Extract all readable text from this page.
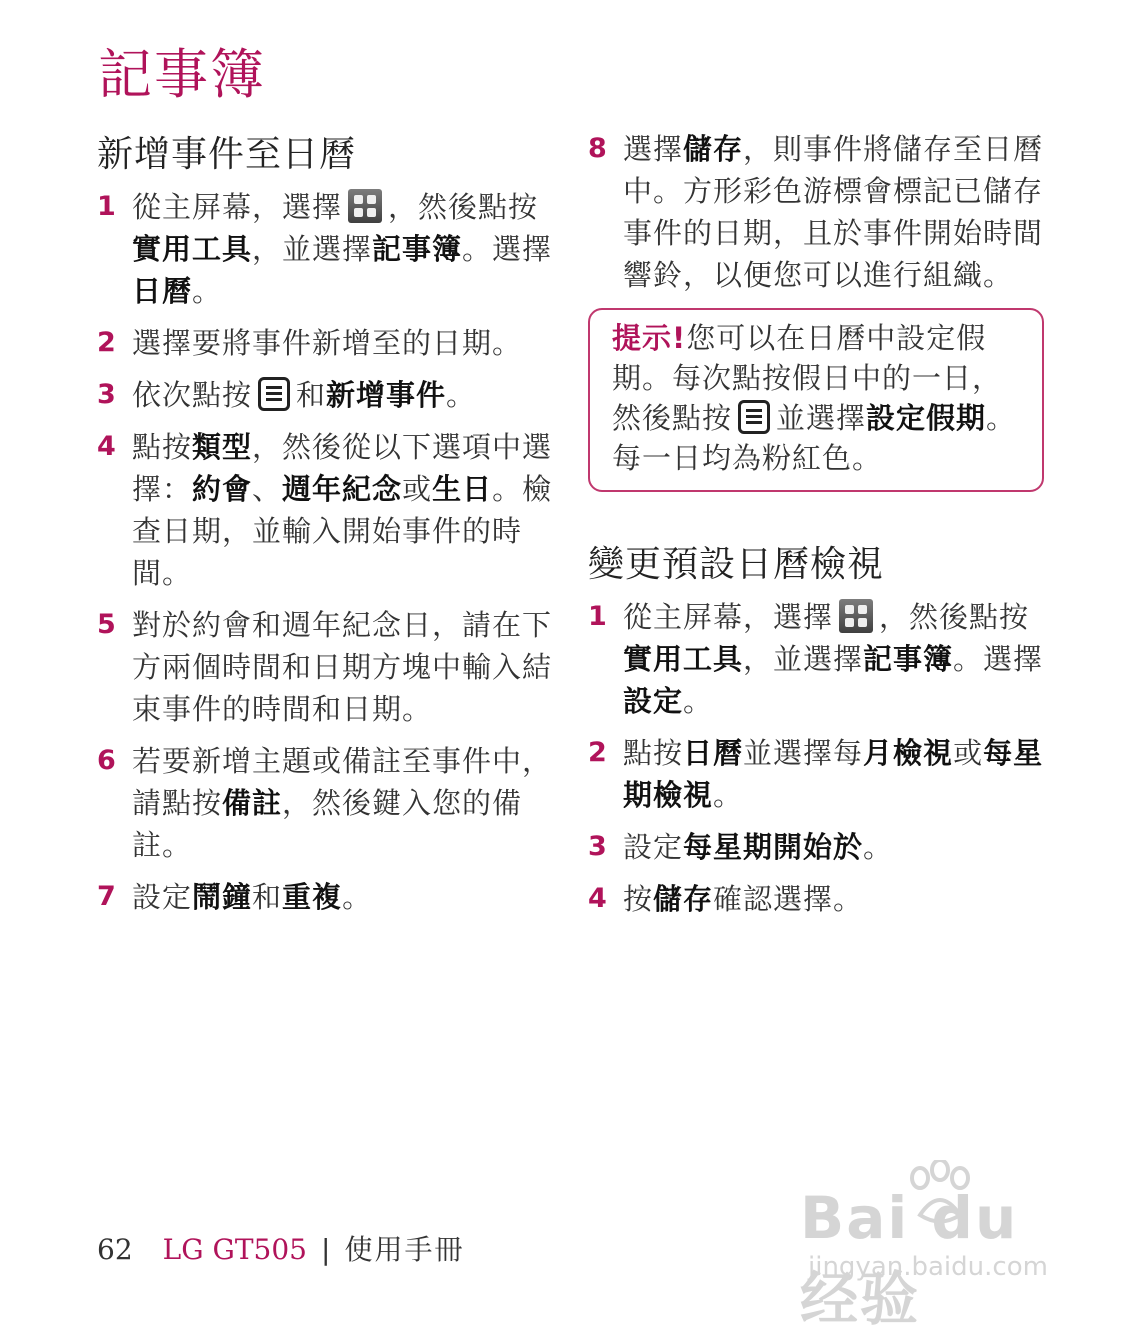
記事簿
新增事件至日曆
1 從主屏幕，選擇 ，然後點按實用工具，並選擇記事簿。選擇日曆。
2 選擇要將事件新增至的日期。
3 依次點按 和新增事件。
4 點按類型，然後從以下選項中選擇：約會、週年紀念或生日。檢查日期，並輸入開始事件的時間。
5 對於約會和週年紀念日，請在下方兩個時間和日期方塊中輸入結束事件的時間和日期。
6 若要新增主題或備註至事件中，請點按備註，然後鍵入您的備註。
7 設定鬧鐘和重複。
8 選擇儲存，則事件將儲存至日曆中。方形彩色游標會標記已儲存事件的日期，且於事件開始時間響鈴，以便您可以進行組織。
提示!您可以在日曆中設定假期。每次點按假日中的一日，然後點按 並選擇設定假期。每一日均為粉紅色。
變更預設日曆檢視
1 從主屏幕，選擇 ，然後點按實用工具，並選擇記事簿。選擇設定。
2 點按日曆並選擇每月檢視或每星期檢視。
3 設定每星期開始於。
4 按儲存確認選擇。
62 LG GT505 | 使用手冊	Bai du 经验
jingyan.baidu.com
